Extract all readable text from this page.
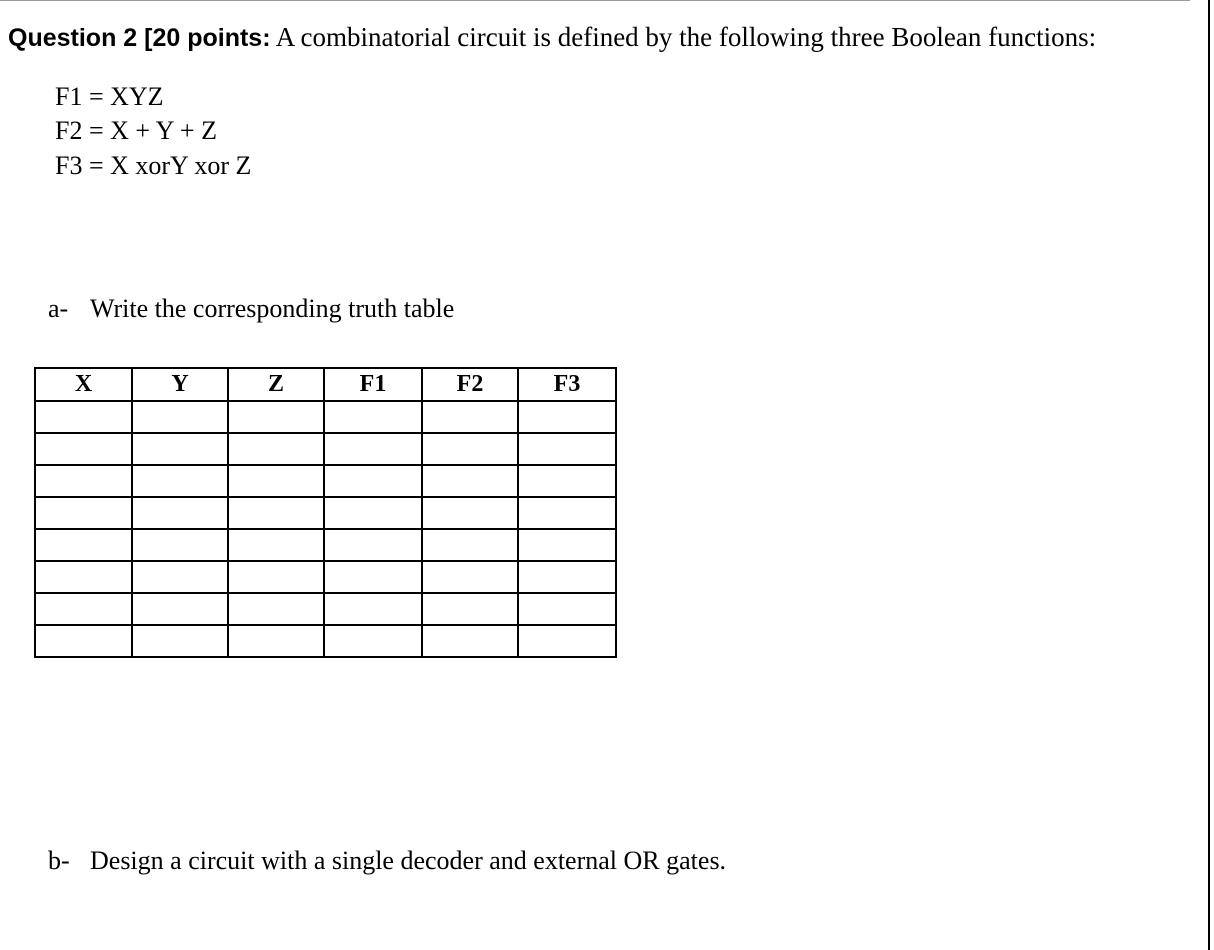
Question 2 [20 points: A combinatorial circuit is defined by the following three Boolean functions:
F1 = XYZ
F2 = X + Y + Z
F3 = X xorY xor Z
a- Write the corresponding truth table
X	Y	Z	F1	F2	F3

b- Design a circuit with a single decoder and external OR gates.
